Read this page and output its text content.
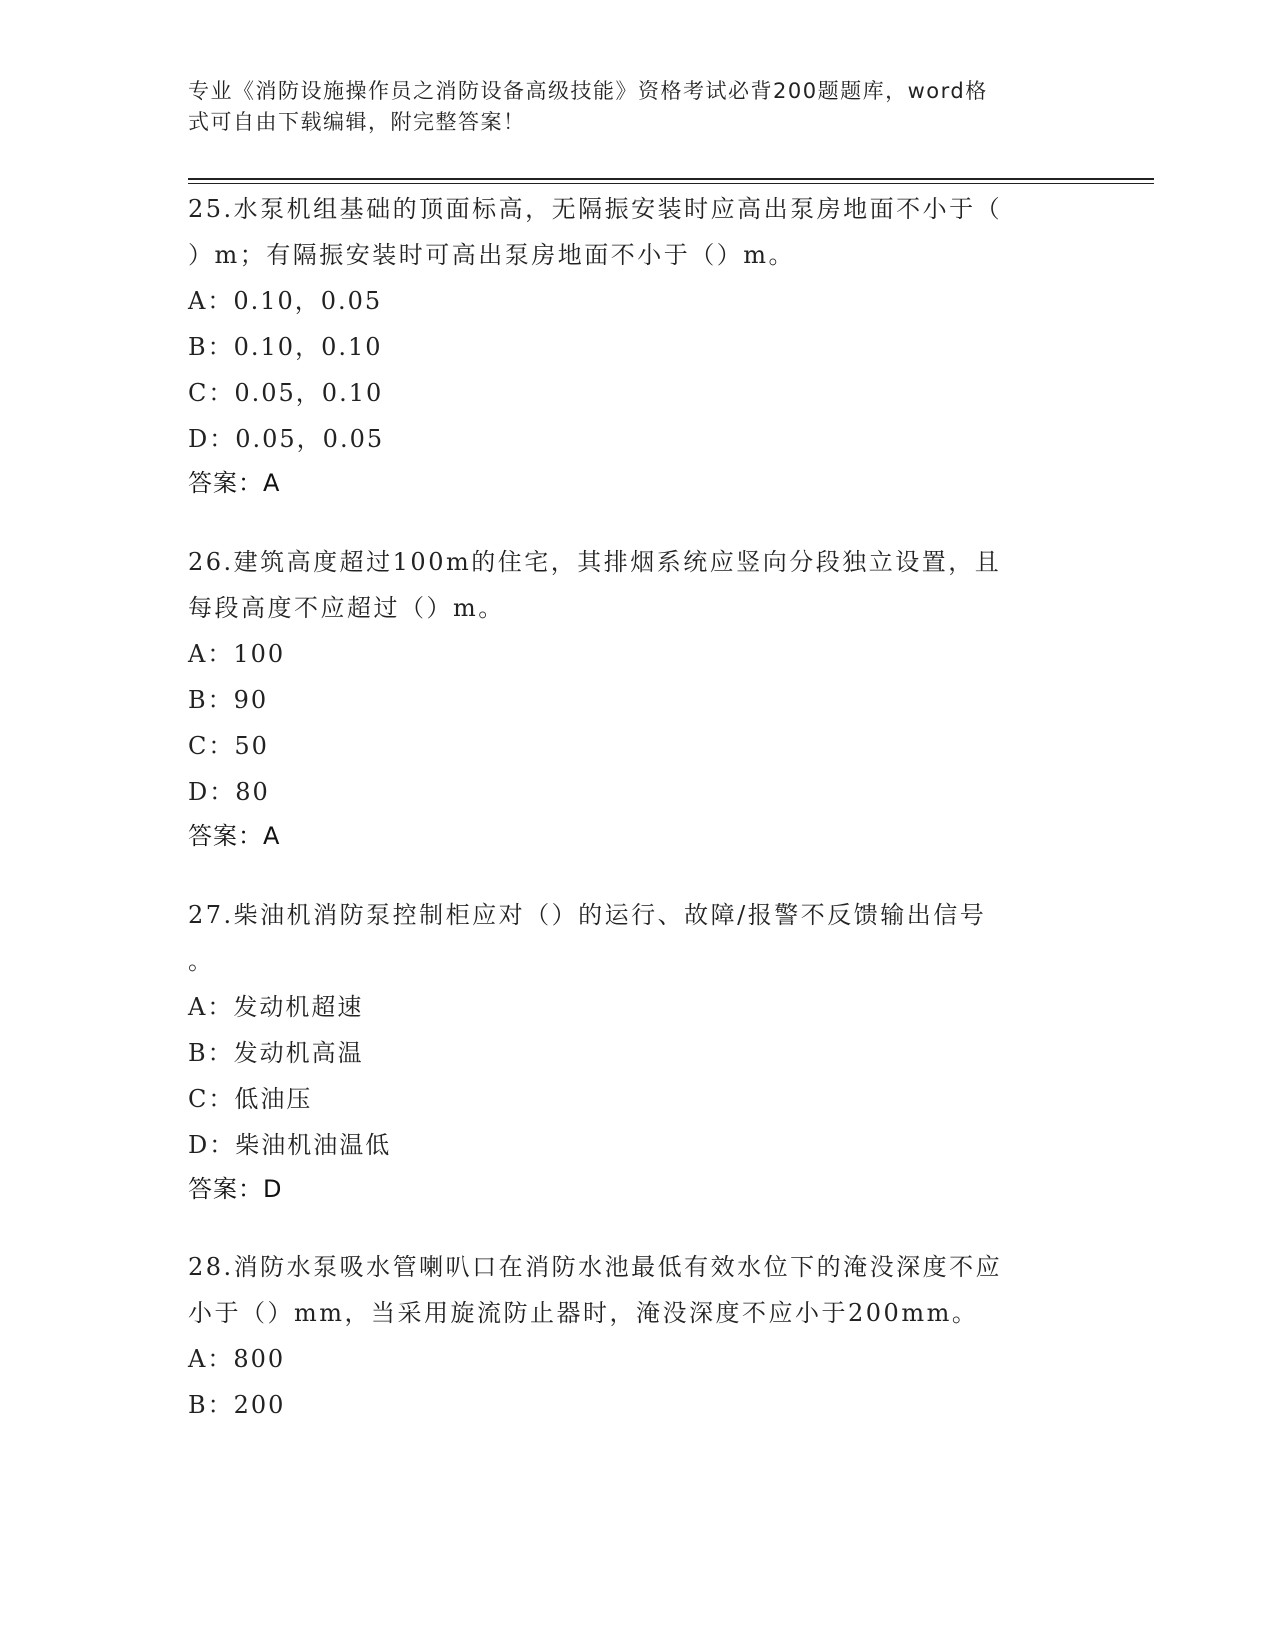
专业《消防设施操作员之消防设备高级技能》资格考试必背200题题库，word格
式可自由下载编辑，附完整答案！

25.水泵机组基础的顶面标高，无隔振安装时应高出泵房地面不小于（

）m；有隔振安装时可高出泵房地面不小于（）m。

A：0.10，0.05

B：0.10，0.10

C：0.05，0.10

D：0.05，0.05

答案：A

26.建筑高度超过100m的住宅，其排烟系统应竖向分段独立设置，且

每段高度不应超过（）m。

A：100

B：90

C：50

D：80

答案：A

27.柴油机消防泵控制柜应对（）的运行、故障/报警不反馈输出信号

。

A：发动机超速

B：发动机高温

C：低油压

D：柴油机油温低

答案：D

28.消防水泵吸水管喇叭口在消防水池最低有效水位下的淹没深度不应

小于（）mm，当采用旋流防止器时，淹没深度不应小于200mm。

A：800

B：200
